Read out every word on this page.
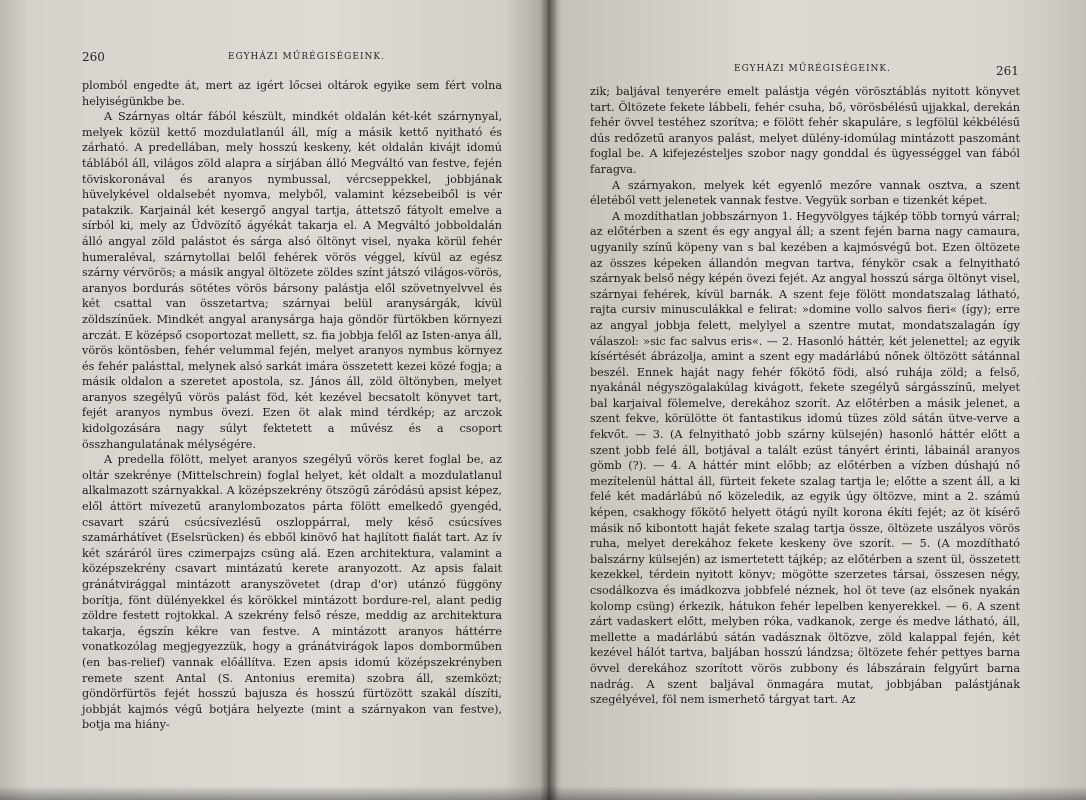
260	EGYHÁZI MŰRÉGISÉGEINK.

plomból engedte át, mert az igért lőcsei oltárok egyike sem fért volna helyiségünkbe be.

A Szárnyas oltár fából készült, mindkét oldalán két-két szárnynyal, melyek közül kettő mozdulatlanúl áll, míg a másik kettő nyitható és zárható. A predellában, mely hosszú keskeny, két oldalán kivájt idomú táblából áll, világos zöld alapra a sírjában álló Megváltó van festve, fején töviskoronával és aranyos nymbussal, vércseppekkel, jobbjának hüvelykével oldalsebét nyomva, melyből, valamint kézsebeiből is vér patakzik. Karjainál két kesergő angyal tartja, áttetsző fátyolt emelve a sírból ki, mely az Üdvözítő ágyékát takarja el. A Megváltó jobboldalán álló angyal zöld palástot és sárga alsó öltönyt visel, nyaka körül fehér humeraléval, szárnytollai belől fehérek vörös véggel, kívül az egész szárny vérvörös; a másik angyal öltözete zöldes színt játszó világos-vörös, aranyos bordurás sötétes vörös bársony palástja elől szövetnyelvvel és két csattal van összetartva; szárnyai belül aranysárgák, kívül zöldszínűek. Mindkét angyal aranysárga haja göndör fürtökben környezi arczát. E középső csoportozat mellett, sz. fia jobbja felől az Isten-anya áll, vörös köntösben, fehér velummal fején, melyet aranyos nymbus környez és fehér palásttal, melynek alsó sarkát imára összetett kezei közé fogja; a másik oldalon a szeretet apostola, sz. János áll, zöld öltönyben, melyet aranyos szegélyű vörös palást föd, két kezével becsatolt könyvet tart, fejét aranyos nymbus övezi. Ezen öt alak mind térdkép; az arczok kidolgozására nagy súlyt fektetett a művész és a csoport összhangulatának mélységére.

A predella fölött, melyet aranyos szegélyű vörös keret foglal be, az oltár szekrénye (Mittelschrein) foglal helyet, két oldalt a mozdulatlanul alkalmazott szárnyakkal. A középszekrény ötszögű záródású apsist képez, elől áttört mívezetű aranylombozatos párta fölött emelkedő gyengéd, csavart szárú csúcsívezlésű oszloppárral, mely késő csúcsíves szamárhátívet (Eselsrücken) és ebből kinövő hat hajlított fialát tart. Az ív két száráról üres czimerpajzs csüng alá. Ezen architektura, valamint a középszekrény csavart mintázatú kerete aranyozott. Az apsis falait gránátvirággal mintázott aranyszövetet (drap d'or) utánzó függöny borítja, fönt dülényekkel és körökkel mintázott bordure-rel, alant pedig zöldre festett rojtokkal. A szekrény felső része, meddig az architektura takarja, égszín kékre van festve. A mintázott aranyos háttérre vonatkozólag megjegyezzük, hogy a gránátvirágok lapos domborműben (en bas-relief) vannak előállítva. Ezen apsis idomú középszekrényben remete szent Antal (S. Antonius eremita) szobra áll, szemközt; göndörfürtös fejét hosszú bajusza és hosszú fürtözött szakál díszíti, jobbját kajmós végű botjára helyezte (mint a szárnyakon van festve), botja ma hiány-

EGYHÁZI MŰRÉGISÉGEINK.	261

zik; baljával tenyerére emelt palástja végén vörösztáblás nyitott könyvet tart. Öltözete fekete lábbeli, fehér csuha, bő, vörösbélésű ujjakkal, derekán fehér övvel testéhez szorítva; e fölött fehér skapuláre, s legfölül kékbélésű dús redőzetű aranyos palást, melyet dülény-idomúlag mintázott paszománt foglal be. A kifejezésteljes szobor nagy gonddal és ügyességgel van fából faragva.

A szárnyakon, melyek két egyenlő mezőre vannak osztva, a szent életéből vett jelenetek vannak festve. Vegyük sorban e tizenkét képet.

A mozdíthatlan jobbszárnyon 1. Hegyvölgyes tájkép több tornyú várral; az előtérben a szent és egy angyal áll; a szent fején barna nagy camaura, ugyanily színű köpeny van s bal kezében a kajmósvégű bot. Ezen öltözete az összes képeken állandón megvan tartva, fénykör csak a felnyitható szárnyak belső négy képén övezi fejét. Az angyal hosszú sárga öltönyt visel, szárnyai fehérek, kívül barnák. A szent feje fölött mondatszalag látható, rajta cursiv minusculákkal e felirat: »domine vollo salvos fieri« (így); erre az angyal jobbja felett, melylyel a szentre mutat, mondatszalagán így válaszol: »sic fac salvus eris«. — 2. Hasonló háttér, két jelenettel; az egyik kísértését ábrázolja, amint a szent egy madárlábú nőnek öltözött sátánnal beszél. Ennek haját nagy fehér főkötő födi, alsó ruhája zöld; a felső, nyakánál négyszögalakúlag kivágott, fekete szegélyű sárgásszínű, melyet bal karjaival fölemelve, derekához szorít. Az előtérben a másik jelenet, a szent fekve, körülötte öt fantastikus idomú tüzes zöld sátán ütve-verve a fekvőt. — 3. (A felnyitható jobb szárny külsején) hasonló háttér előtt a szent jobb felé áll, botjával a talált ezüst tányért érinti, lábainál aranyos gömb (?). — 4. A háttér mint előbb; az előtérben a vízben dúshajú nő mezítelenül háttal áll, fürteit fekete szalag tartja le; előtte a szent áll, a ki felé két madárlábú nő közeledik, az egyik úgy öltözve, mint a 2. számú képen, csakhogy főkötő helyett ötágú nyílt korona ékíti fejét; az öt kísérő másik nő kibontott haját fekete szalag tartja össze, öltözete uszályos vörös ruha, melyet derekához fekete keskeny öve szorít. — 5. (A mozdítható balszárny külsején) az ismertetett tájkép; az előtérben a szent ül, összetett kezekkel, térdein nyitott könyv; mögötte szerzetes társai, összesen négy, csodálkozva és imádkozva jobbfelé néznek, hol öt teve (az elsőnek nyakán kolomp csüng) érkezik, hátukon fehér lepelben kenyerekkel. — 6. A szent zárt vadaskert előtt, melyben róka, vadkanok, zerge és medve látható, áll, mellette a madárlábú sátán vadásznak öltözve, zöld kalappal fején, két kezével hálót tartva, baljában hosszú lándzsa; öltözete fehér pettyes barna övvel derekához szorított vörös zubbony és lábszárain felgyűrt barna nadrág. A szent baljával önmagára mutat, jobbjában palástjának szegélyével, föl nem ismerhető tárgyat tart. Az
